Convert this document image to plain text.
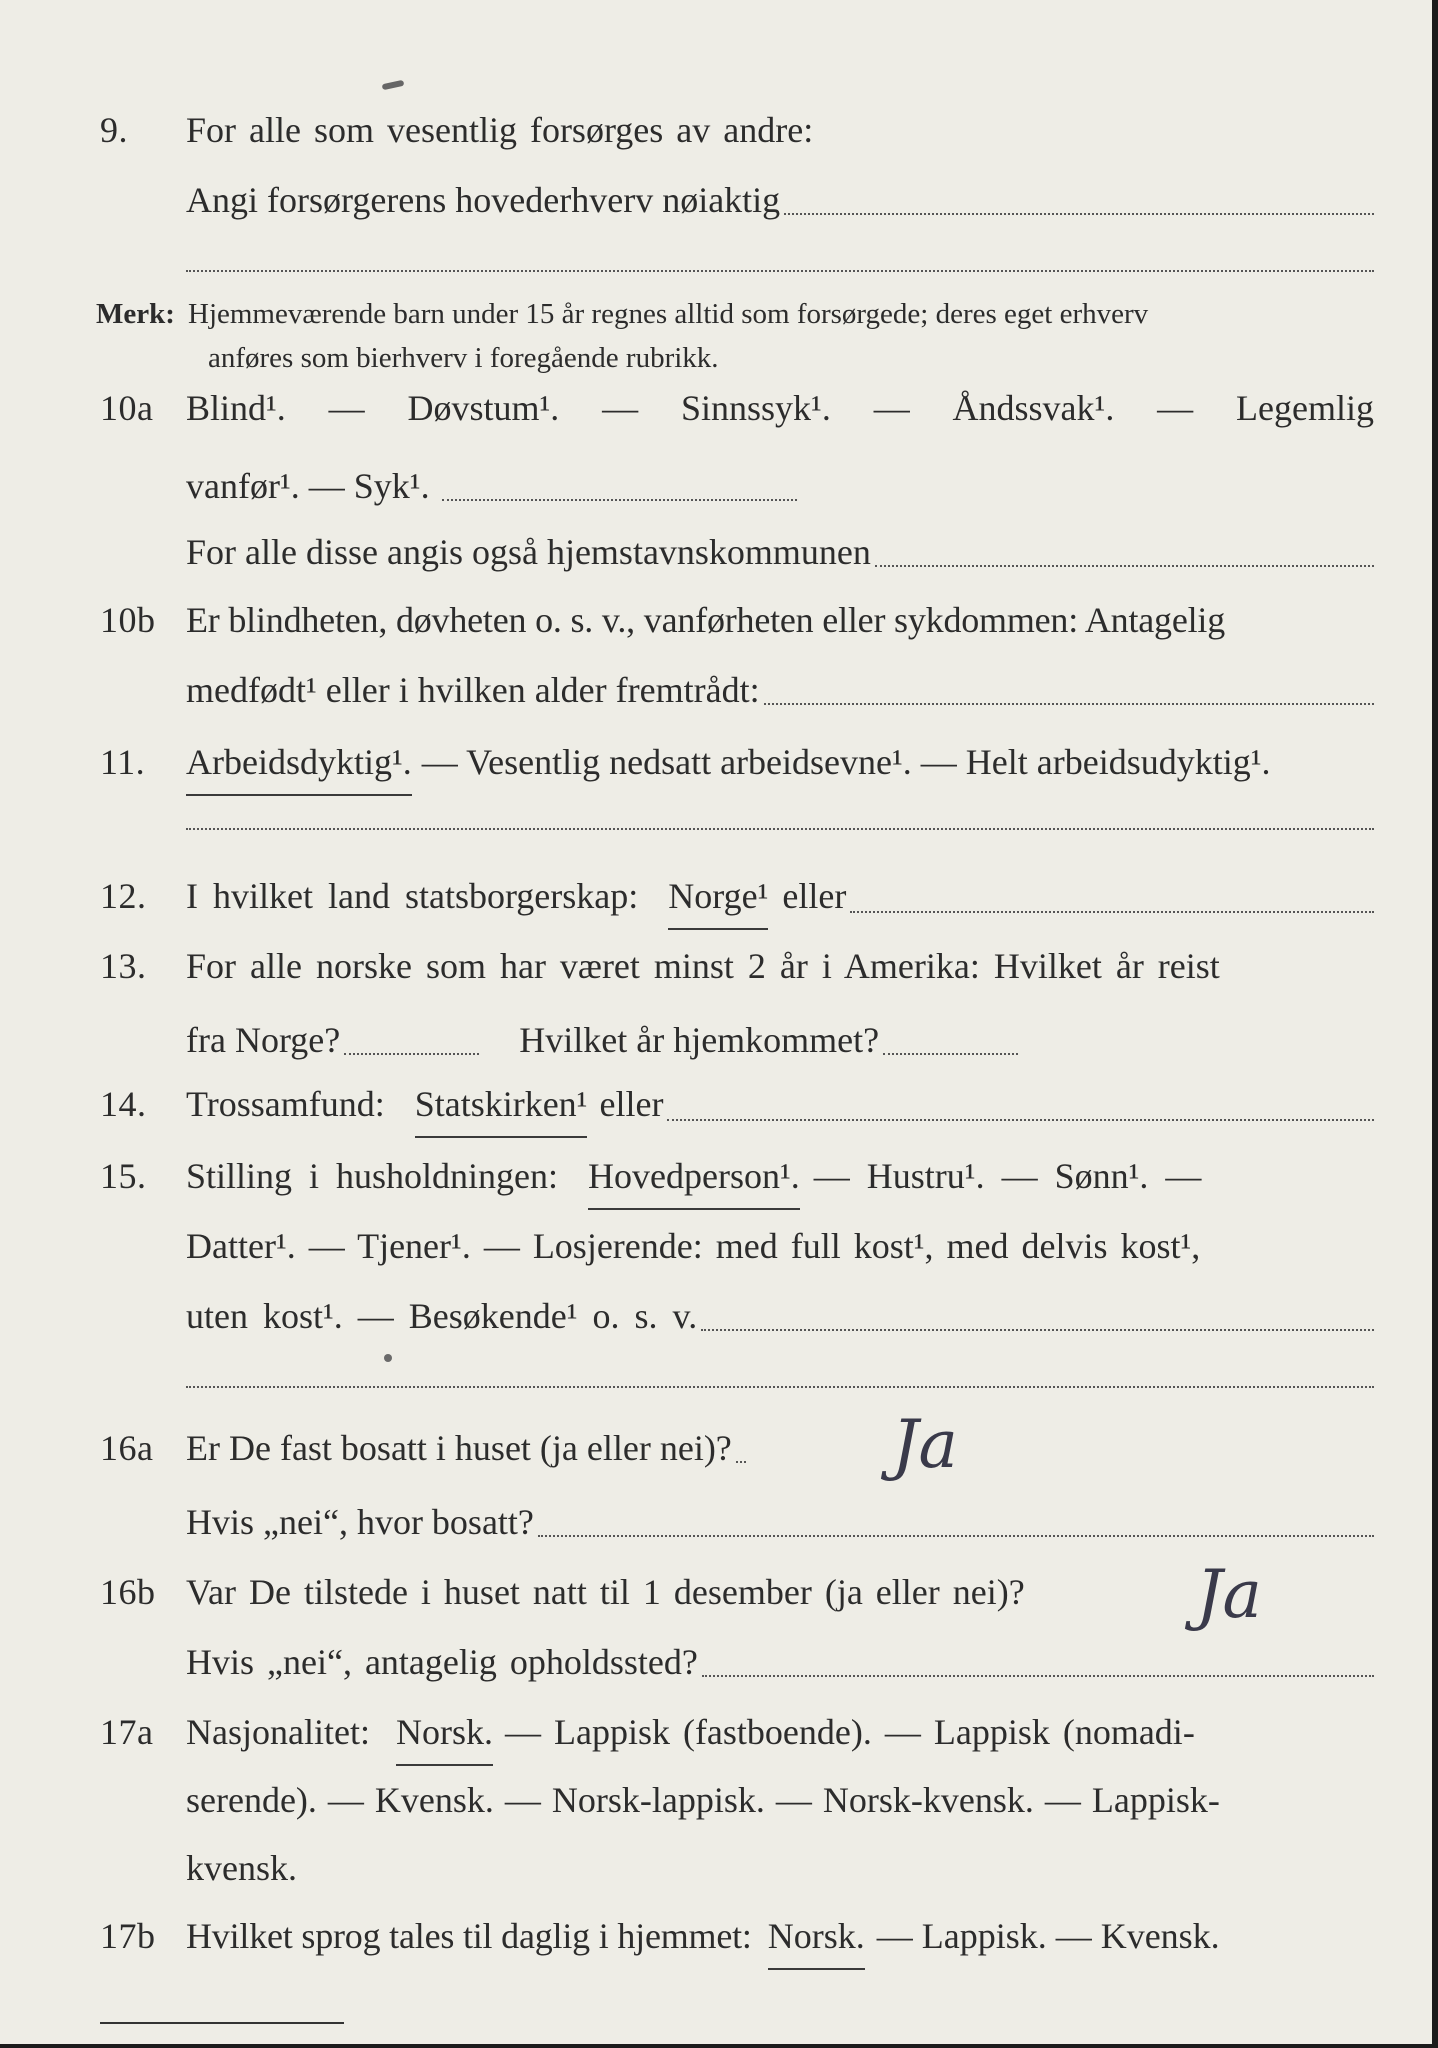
9. For alle som vesentlig forsørges av andre:
Angi forsørgerens hovederhverv nøiaktig
Merk: Hjemmeværende barn under 15 år regnes alltid som forsørgede; deres eget erhverv
anføres som bierhverv i foregående rubrikk.
10a Blind¹. — Døvstum¹. — Sinnssyk¹. — Åndssvak¹. — Legemlig
vanfør¹. — Syk¹.
For alle disse angis også hjemstavnskommunen
10b Er blindheten, døvheten o. s. v., vanførheten eller sykdommen: Antagelig
medfødt¹ eller i hvilken alder fremtrådt:
11. Arbeidsdyktig¹. — Vesentlig nedsatt arbeidsevne¹. — Helt arbeidsudyktig¹.
12. I hvilket land statsborgerskap: Norge¹ eller
13. For alle norske som har været minst 2 år i Amerika: Hvilket år reist
fra Norge?	Hvilket år hjemkommet?
14. Trossamfund: Statskirken¹ eller
15. Stilling i husholdningen: Hovedperson¹. — Hustru¹. — Sønn¹. —
Datter¹. — Tjener¹. — Losjerende: med full kost¹, med delvis kost¹,
uten kost¹. — Besøkende¹ o. s. v.
16a Er De fast bosatt i huset (ja eller nei)? Ja
Hvis „nei“, hvor bosatt?
16b Var De tilstede i huset natt til 1 desember (ja eller nei)?	Ja
Hvis „nei“, antagelig opholdssted?
17a Nasjonalitet: Norsk. — Lappisk (fastboende). — Lappisk (nomadi-
serende). — Kvensk. — Norsk-lappisk. — Norsk-kvensk. — Lappisk-
kvensk.
17b Hvilket sprog tales til daglig i hjemmet: Norsk. — Lappisk. — Kvensk.
